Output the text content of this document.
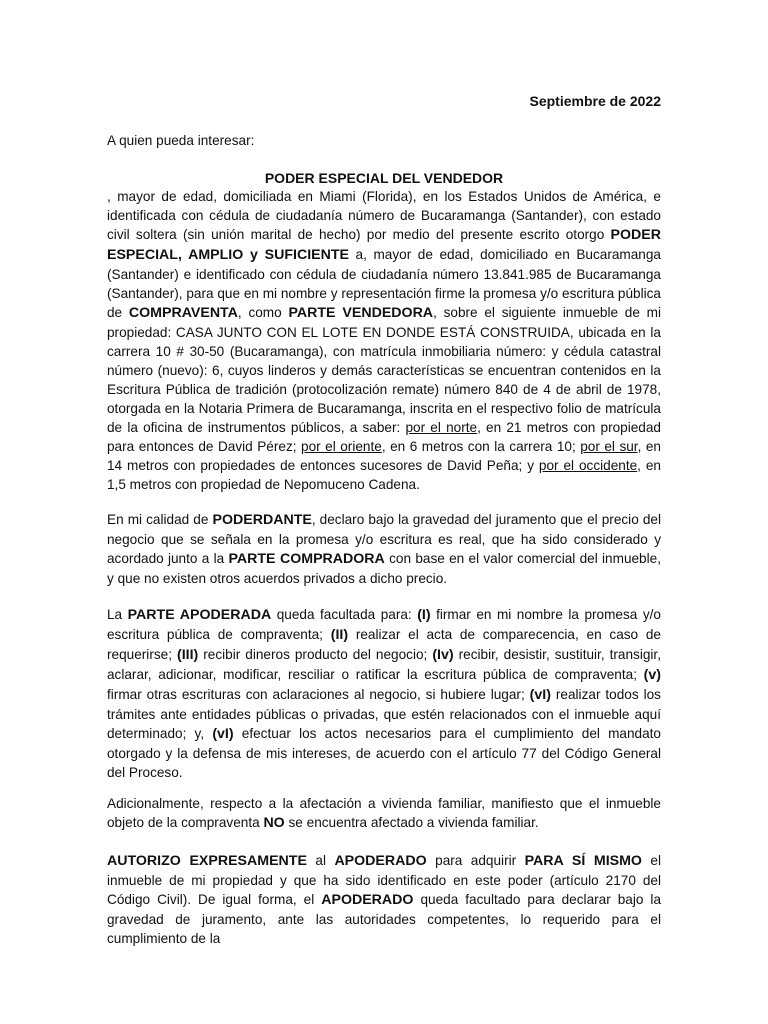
Septiembre de 2022
A quien pueda interesar:
PODER ESPECIAL DEL VENDEDOR

, mayor de edad, domiciliada en Miami (Florida), en los Estados Unidos de América, e identificada con cédula de ciudadanía número de Bucaramanga (Santander), con estado civil soltera (sin unión marital de hecho) por medio del presente escrito otorgo PODER ESPECIAL, AMPLIO y SUFICIENTE a, mayor de edad, domiciliado en Bucaramanga (Santander) e identificado con cédula de ciudadanía número 13.841.985 de Bucaramanga (Santander), para que en mi nombre y representación firme la promesa y/o escritura pública de COMPRAVENTA, como PARTE VENDEDORA, sobre el siguiente inmueble de mi propiedad: CASA JUNTO CON EL LOTE EN DONDE ESTÁ CONSTRUIDA, ubicada en la carrera 10 # 30-50 (Bucaramanga), con matrícula inmobiliaria número: y cédula catastral número (nuevo): 6, cuyos linderos y demás características se encuentran contenidos en la Escritura Pública de tradición (protocolización remate) número 840 de 4 de abril de 1978, otorgada en la Notaria Primera de Bucaramanga, inscrita en el respectivo folio de matrícula de la oficina de instrumentos públicos, a saber: por el norte, en 21 metros con propiedad para entonces de David Pérez; por el oriente, en 6 metros con la carrera 10; por el sur, en 14 metros con propiedades de entonces sucesores de David Peña; y por el occidente, en 1,5 metros con propiedad de Nepomuceno Cadena.

En mi calidad de PODERDANTE, declaro bajo la gravedad del juramento que el precio del negocio que se señala en la promesa y/o escritura es real, que ha sido considerado y acordado junto a la PARTE COMPRADORA con base en el valor comercial del inmueble, y que no existen otros acuerdos privados a dicho precio.

La PARTE APODERADA queda facultada para: (I) firmar en mi nombre la promesa y/o escritura pública de compraventa; (II) realizar el acta de comparecencia, en caso de requerirse; (III) recibir dineros producto del negocio; (Iv) recibir, desistir, sustituir, transigir, aclarar, adicionar, modificar, resciliar o ratificar la escritura pública de compraventa; (v) firmar otras escrituras con aclaraciones al negocio, si hubiere lugar; (vI) realizar todos los trámites ante entidades públicas o privadas, que estén relacionados con el inmueble aquí determinado; y, (vI) efectuar los actos necesarios para el cumplimiento del mandato otorgado y la defensa de mis intereses, de acuerdo con el artículo 77 del Código General del Proceso.

Adicionalmente, respecto a la afectación a vivienda familiar, manifiesto que el inmueble objeto de la compraventa NO se encuentra afectado a vivienda familiar.

AUTORIZO EXPRESAMENTE al APODERADO para adquirir PARA SÍ MISMO el inmueble de mi propiedad y que ha sido identificado en este poder (artículo 2170 del Código Civil). De igual forma, el APODERADO queda facultado para declarar bajo la gravedad de juramento, ante las autoridades competentes, lo requerido para el cumplimiento de la
